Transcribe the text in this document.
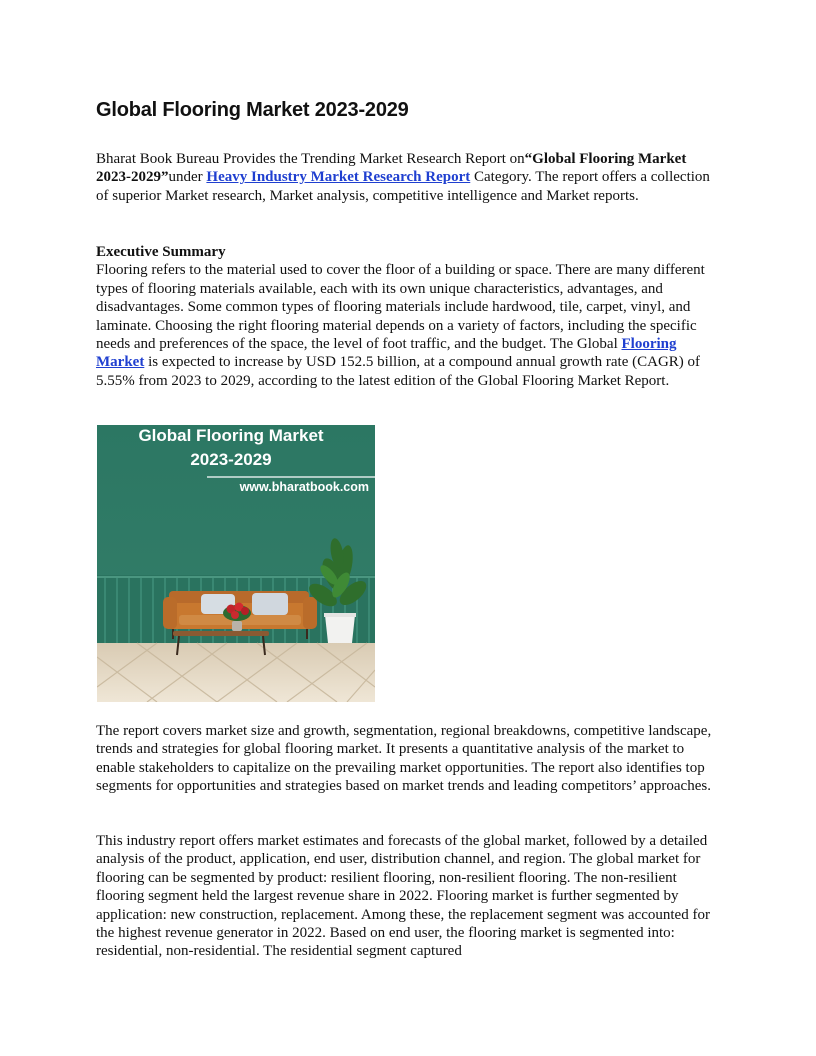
Global Flooring Market 2023-2029

Bharat Book Bureau Provides the Trending Market Research Report on“Global Flooring Market 2023-2029”under Heavy Industry Market Research Report Category. The report offers a collection of superior Market research, Market analysis, competitive intelligence and Market reports.

Executive Summary
Flooring refers to the material used to cover the floor of a building or space. There are many different types of flooring materials available, each with its own unique characteristics, advantages, and disadvantages. Some common types of flooring materials include hardwood, tile, carpet, vinyl, and laminate. Choosing the right flooring material depends on a variety of factors, including the specific needs and preferences of the space, the level of foot traffic, and the budget. The Global Flooring Market is expected to increase by USD 152.5 billion, at a compound annual growth rate (CAGR) of 5.55% from 2023 to 2029, according to the latest edition of the Global Flooring Market Report.

Global Flooring Market
2023-2029
www.bharatbook.com

The report covers market size and growth, segmentation, regional breakdowns, competitive landscape, trends and strategies for global flooring market. It presents a quantitative analysis of the market to enable stakeholders to capitalize on the prevailing market opportunities. The report also identifies top segments for opportunities and strategies based on market trends and leading competitors’ approaches.

This industry report offers market estimates and forecasts of the global market, followed by a detailed analysis of the product, application, end user, distribution channel, and region. The global market for flooring can be segmented by product: resilient flooring, non-resilient flooring. The non-resilient flooring segment held the largest revenue share in 2022. Flooring market is further segmented by application: new construction, replacement. Among these, the replacement segment was accounted for the highest revenue generator in 2022. Based on end user, the flooring market is segmented into: residential, non-residential. The residential segment captured
